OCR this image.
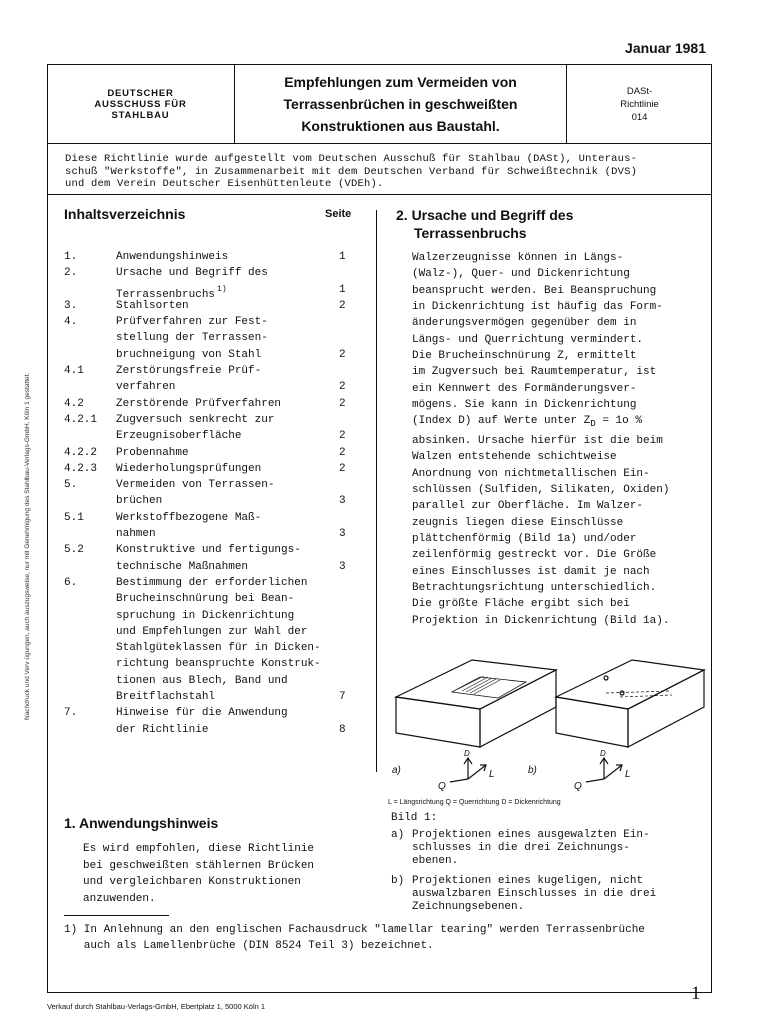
Januar 1981
DEUTSCHER
AUSSCHUSS FÜR
STAHLBAU
Empfehlungen zum Vermeiden von
Terrassenbrüchen in geschweißten
Konstruktionen aus Baustahl.
DASt-
Richtlinie
014
Diese Richtlinie wurde aufgestellt vom Deutschen Ausschuß für Stahlbau (DASt), Unteraus-
schuß "Werkstoffe", in Zusammenarbeit mit dem Deutschen Verband für Schweißtechnik (DVS)
und dem Verein Deutscher Eisenhüttenleute (VDEh).
Inhaltsverzeichnis	Seite
1.	Anwendungshinweis	1
2.	Ursache und Begriff des
Terrassenbruchs $^{1)}$	1
3.	Stahlsorten	2
4.	Prüfverfahren zur Fest-
stellung der Terrassen-
bruchneigung von Stahl	2
4.1	Zerstörungsfreie Prüf-
verfahren	2
4.2	Zerstörende Prüfverfahren	2
4.2.1 Zugversuch senkrecht zur
Erzeugnisoberfläche	2
4.2.2 Probennahme	2
4.2.3 Wiederholungsprüfungen	2
5.	Vermeiden von Terrassen-
brüchen	3
5.1	Werkstoffbezogene Maß-
nahmen	3
5.2	Konstruktive und fertigungs-
technische Maßnahmen	3
6.	Bestimmung der erforderlichen
Brucheinschnürung bei Bean-
spruchung in Dickenrichtung
und Empfehlungen zur Wahl der
Stahlgüteklassen für in Dicken-
richtung beanspruchte Konstruk-
tionen aus Blech, Band und
Breitflachstahl	7
7.	Hinweise für die Anwendung
der Richtlinie	8
2. Ursache und Begriff des
Terrassenbruchs
Walzerzeugnisse können in Längs-
(Walz-), Quer- und Dickenrichtung
beansprucht werden. Bei Beanspruchung
in Dickenrichtung ist häufig das Form-
änderungsvermögen gegenüber dem in
Längs- und Querrichtung vermindert.
Die Brucheinschnürung Z, ermittelt
im Zugversuch bei Raumtemperatur, ist
ein Kennwert des Formänderungsver-
mögens. Sie kann in Dickenrichtung
(Index D) auf Werte unter $Z_D = 1o$ %
absinken. Ursache hierfür ist die beim
Walzen entstehende schichtweise
Anordnung von nichtmetallischen Ein-
schlüssen (Sulfiden, Silikaten, Oxiden)
parallel zur Oberfläche. Im Walzer-
zeugnis liegen diese Einschlüsse
plättchenförmig (Bild 1a) und/oder
zeilenförmig gestreckt vor. Die Größe
eines Einschlusses ist damit je nach
Betrachtungsrichtung unterschiedlich.
Die größte Fläche ergibt sich bei
Projektion in Dickenrichtung (Bild 1a).
a)	b)
D
Q
L
D
Q
L
L = Längsrichtung Q = Querrichtung D = Dickenrichtung
Bild 1:
a) Projektionen eines ausgewalzten Ein-
schlusses in die drei Zeichnungs-
ebenen.
b) Projektionen eines kugeligen, nicht
auswalzbaren Einschlusses in die drei
Zeichnungsebenen.
1. Anwendungshinweis
Es wird empfohlen, diese Richtlinie
bei geschweißten stählernen Brücken
und vergleichbaren Konstruktionen
anzuwenden.
1) In Anlehnung an den englischen Fachausdruck "lamellar tearing" werden Terrassenbrüche
auch als Lamellenbrüche (DIN 8524 Teil 3) bezeichnet.
Nachdruck und Verv ügungen, auch auszugsweise, nur mit Genehmigung des Stahlbau-Verlags-GmbH, Köln 1 gestattet.
Verkauf durch Stahlbau-Verlags-GmbH, Ebertplatz 1, 5000 Köln 1
1
